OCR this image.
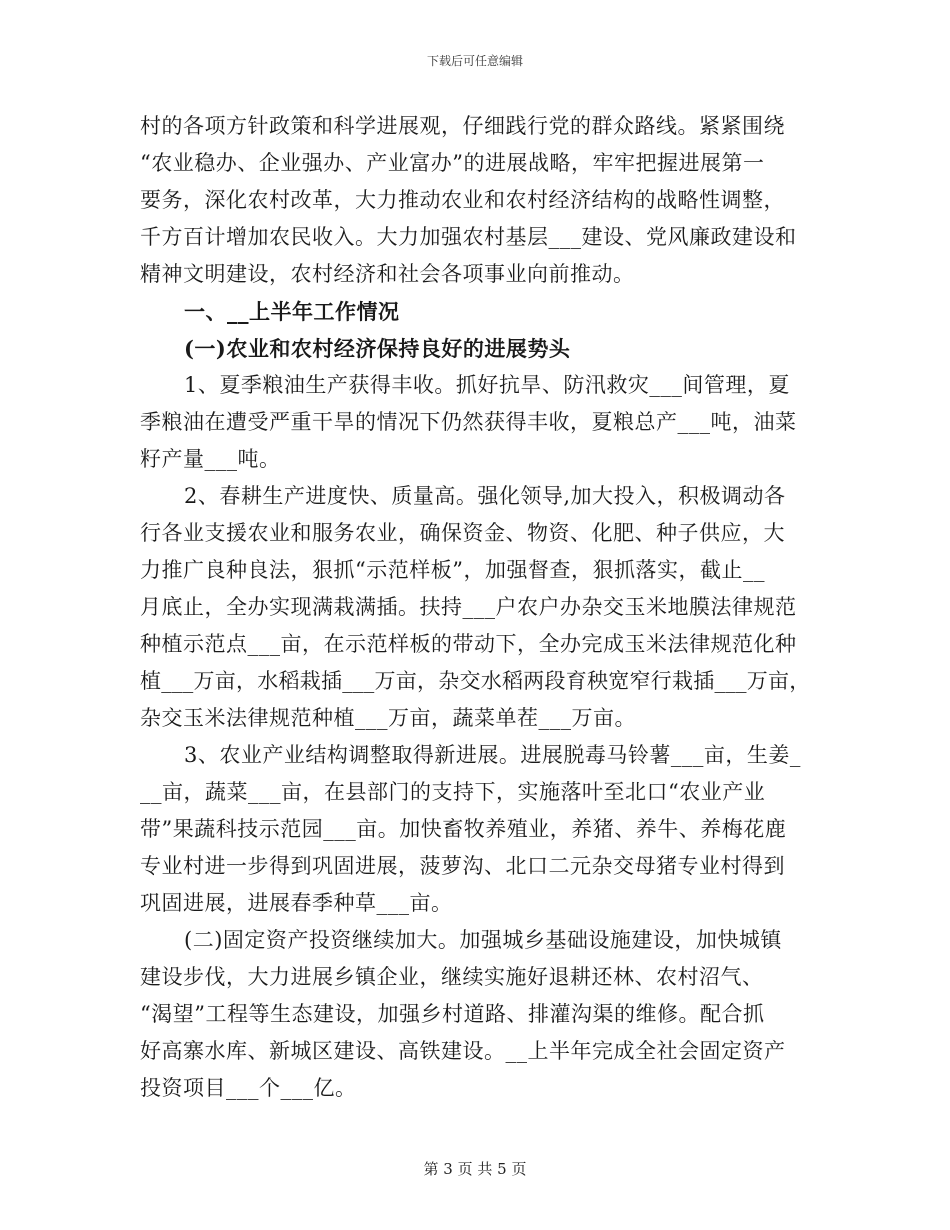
下载后可任意编辑
村的各项方针政策和科学进展观，仔细践行党的群众路线。紧紧围绕
“农业稳办、企业强办、产业富办”的进展战略，牢牢把握进展第一
要务，深化农村改革，大力推动农业和农村经济结构的战略性调整，
千方百计增加农民收入。大力加强农村基层___建设、党风廉政建设和
精神文明建设，农村经济和社会各项事业向前推动。
一、__上半年工作情况
(一)农业和农村经济保持良好的进展势头
1、夏季粮油生产获得丰收。抓好抗旱、防汛救灾___间管理，夏
季粮油在遭受严重干旱的情况下仍然获得丰收，夏粮总产___吨，油菜
籽产量___吨。
2、春耕生产进度快、质量高。强化领导,加大投入，积极调动各
行各业支援农业和服务农业，确保资金、物资、化肥、种子供应，大
力推广良种良法，狠抓“示范样板”，加强督查，狠抓落实，截止__
月底止，全办实现满栽满插。扶持___户农户办杂交玉米地膜法律规范
种植示范点___亩，在示范样板的带动下，全办完成玉米法律规范化种
植___万亩，水稻栽插___万亩，杂交水稻两段育秧宽窄行栽插___万亩，
杂交玉米法律规范种植___万亩，蔬菜单茬___万亩。
3、农业产业结构调整取得新进展。进展脱毒马铃薯___亩，生姜_
__亩，蔬菜___亩，在县部门的支持下，实施落叶至北口“农业产业
带”果蔬科技示范园___亩。加快畜牧养殖业，养猪、养牛、养梅花鹿
专业村进一步得到巩固进展，菠萝沟、北口二元杂交母猪专业村得到
巩固进展，进展春季种草___亩。
(二)固定资产投资继续加大。加强城乡基础设施建设，加快城镇
建设步伐，大力进展乡镇企业，继续实施好退耕还林、农村沼气、
“渴望”工程等生态建设，加强乡村道路、排灌沟渠的维修。配合抓
好高寨水库、新城区建设、高铁建设。__上半年完成全社会固定资产
投资项目___个___亿。
第 3 页 共 5 页
